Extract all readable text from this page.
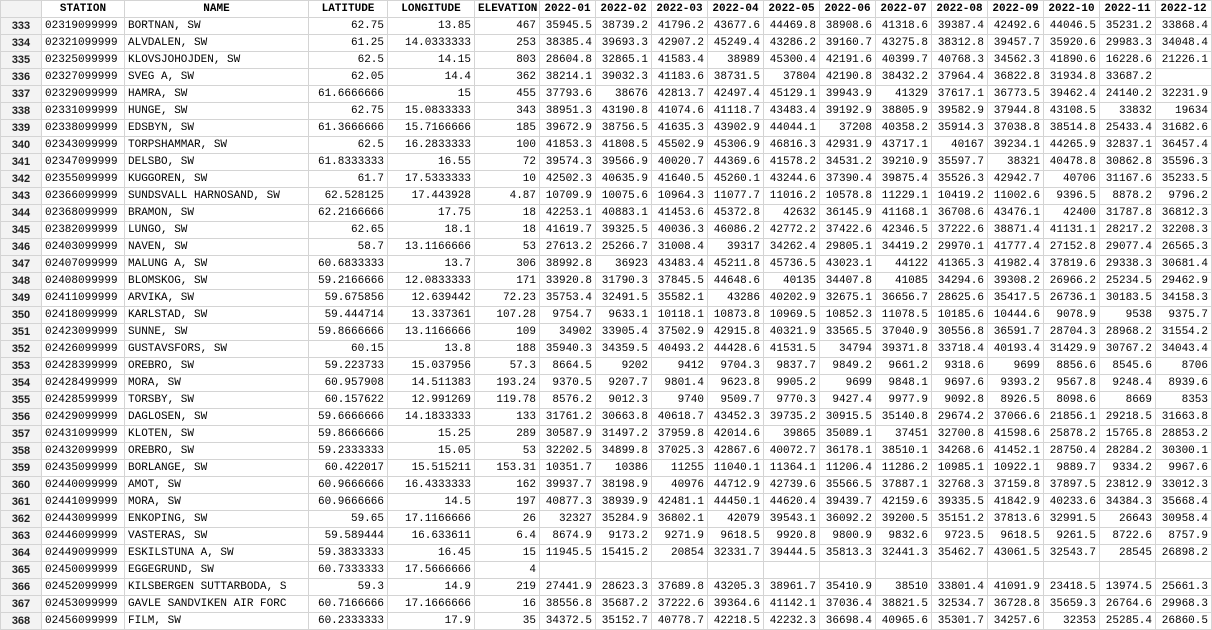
	STATION	NAME	LATITUDE	LONGITUDE	ELEVATION	2022-01	2022-02	2022-03	2022-04	2022-05	2022-06	2022-07	2022-08	2022-09	2022-10	2022-11	2022-12
333	02319099999	BORTNAN, SW	62.75	13.85	467	35945.5	38739.2	41796.2	43677.6	44469.8	38908.6	41318.6	39387.4	42492.6	44046.5	35231.2	33868.4
334	02321099999	ALVDALEN, SW	61.25	14.0333333	253	38385.4	39693.3	42907.2	45249.4	43286.2	39160.7	43275.8	38312.8	39457.7	35920.6	29983.3	34048.4
335	02325099999	KLOVSJOHOJDEN, SW	62.5	14.15	803	28604.8	32865.1	41583.4	38989	45300.4	42191.6	40399.7	40768.3	34562.3	41890.6	16228.6	21226.1
336	02327099999	SVEG A, SW	62.05	14.4	362	38214.1	39032.3	41183.6	38731.5	37804	42190.8	38432.2	37964.4	36822.8	31934.8	33687.2	
337	02329099999	HAMRA, SW	61.6666666	15	455	37793.6	38676	42813.7	42497.4	45129.1	39943.9	41329	37617.1	36773.5	39462.4	24140.2	32231.9
338	02331099999	HUNGE, SW	62.75	15.0833333	343	38951.3	43190.8	41074.6	41118.7	43483.4	39192.9	38805.9	39582.9	37944.8	43108.5	33832	19634
339	02338099999	EDSBYN, SW	61.3666666	15.7166666	185	39672.9	38756.5	41635.3	43902.9	44044.1	37208	40358.2	35914.3	37038.8	38514.8	25433.4	31682.6
340	02343099999	TORPSHAMMAR, SW	62.5	16.2833333	100	41853.3	41808.5	45502.9	45306.9	46816.3	42931.9	43717.1	40167	39234.1	44265.9	32837.1	36457.4
341	02347099999	DELSBO, SW	61.8333333	16.55	72	39574.3	39566.9	40020.7	44369.6	41578.2	34531.2	39210.9	35597.7	38321	40478.8	30862.8	35596.3
342	02355099999	KUGGOREN, SW	61.7	17.5333333	10	42502.3	40635.9	41640.5	45260.1	43244.6	37390.4	39875.4	35526.3	42942.7	40706	31167.6	35233.5
343	02366099999	SUNDSVALL HARNOSAND, SW	62.528125	17.443928	4.87	10709.9	10075.6	10964.3	11077.7	11016.2	10578.8	11229.1	10419.2	11002.6	9396.5	8878.2	9796.2
344	02368099999	BRAMON, SW	62.2166666	17.75	18	42253.1	40883.1	41453.6	45372.8	42632	36145.9	41168.1	36708.6	43476.1	42400	31787.8	36812.3
345	02382099999	LUNGO, SW	62.65	18.1	18	41619.7	39325.5	40036.3	46086.2	42772.2	37422.6	42346.5	37222.6	38871.4	41131.1	28217.2	32208.3
346	02403099999	NAVEN, SW	58.7	13.1166666	53	27613.2	25266.7	31008.4	39317	34262.4	29805.1	34419.2	29970.1	41777.4	27152.8	29077.4	26565.3
347	02407099999	MALUNG A, SW	60.6833333	13.7	306	38992.8	36923	43483.4	45211.8	45736.5	43023.1	44122	41365.3	41982.4	37819.6	29338.3	30681.4
348	02408099999	BLOMSKOG, SW	59.2166666	12.0833333	171	33920.8	31790.3	37845.5	44648.6	40135	34407.8	41085	34294.6	39308.2	26966.2	25234.5	29462.9
349	02411099999	ARVIKA, SW	59.675856	12.639442	72.23	35753.4	32491.5	35582.1	43286	40202.9	32675.1	36656.7	28625.6	35417.5	26736.1	30183.5	34158.3
350	02418099999	KARLSTAD, SW	59.444714	13.337361	107.28	9754.7	9633.1	10118.1	10873.8	10969.5	10852.3	11078.5	10185.6	10444.6	9078.9	9538	9375.7
351	02423099999	SUNNE, SW	59.8666666	13.1166666	109	34902	33905.4	37502.9	42915.8	40321.9	33565.5	37040.9	30556.8	36591.7	28704.3	28968.2	31554.2
352	02426099999	GUSTAVSFORS, SW	60.15	13.8	188	35940.3	34359.5	40493.2	44428.6	41531.5	34794	39371.8	33718.4	40193.4	31429.9	30767.2	34043.4
353	02428399999	OREBRO, SW	59.223733	15.037956	57.3	8664.5	9202	9412	9704.3	9837.7	9849.2	9661.2	9318.6	9699	8856.6	8545.6	8706
354	02428499999	MORA, SW	60.957908	14.511383	193.24	9370.5	9207.7	9801.4	9623.8	9905.2	9699	9848.1	9697.6	9393.2	9567.8	9248.4	8939.6
355	02428599999	TORSBY, SW	60.157622	12.991269	119.78	8576.2	9012.3	9740	9509.7	9770.3	9427.4	9977.9	9092.8	8926.5	8098.6	8669	8353
356	02429099999	DAGLOSEN, SW	59.6666666	14.1833333	133	31761.2	30663.8	40618.7	43452.3	39735.2	30915.5	35140.8	29674.2	37066.6	21856.1	29218.5	31663.8
357	02431099999	KLOTEN, SW	59.8666666	15.25	289	30587.9	31497.2	37959.8	42014.6	39865	35089.1	37451	32700.8	41598.6	25878.2	15765.8	28853.2
358	02432099999	OREBRO, SW	59.2333333	15.05	53	32202.5	34899.8	37025.3	42867.6	40072.7	36178.1	38510.1	34268.6	41452.1	28750.4	28284.2	30300.1
359	02435099999	BORLANGE, SW	60.422017	15.515211	153.31	10351.7	10386	11255	11040.1	11364.1	11206.4	11286.2	10985.1	10922.1	9889.7	9334.2	9967.6
360	02440099999	AMOT, SW	60.9666666	16.4333333	162	39937.7	38198.9	40976	44712.9	42739.6	35566.5	37887.1	32768.3	37159.8	37897.5	23812.9	33012.3
361	02441099999	MORA, SW	60.9666666	14.5	197	40877.3	38939.9	42481.1	44450.1	44620.4	39439.7	42159.6	39335.5	41842.9	40233.6	34384.3	35668.4
362	02443099999	ENKOPING, SW	59.65	17.1166666	26	32327	35284.9	36802.1	42079	39543.1	36092.2	39200.5	35151.2	37813.6	32991.5	26643	30958.4
363	02446099999	VASTERAS, SW	59.589444	16.633611	6.4	8674.9	9173.2	9271.9	9618.5	9920.8	9800.9	9832.6	9723.5	9618.5	9261.5	8722.6	8757.9
364	02449099999	ESKILSTUNA A, SW	59.3833333	16.45	15	11945.5	15415.2	20854	32331.7	39444.5	35813.3	32441.3	35462.7	43061.5	32543.7	28545	26898.2
365	02450099999	EGGEGRUND, SW	60.7333333	17.5666666	4												
366	02452099999	KILSBERGEN SUTTARBODA, S	59.3	14.9	219	27441.9	28623.3	37689.8	43205.3	38961.7	35410.9	38510	33801.4	41091.9	23418.5	13974.5	25661.3
367	02453099999	GAVLE SANDVIKEN AIR FORC	60.7166666	17.1666666	16	38556.8	35687.2	37222.6	39364.6	41142.1	37036.4	38821.5	32534.7	36728.8	35659.3	26764.6	29968.3
368	02456099999	FILM, SW	60.2333333	17.9	35	34372.5	35152.7	40778.7	42218.5	42232.3	36698.4	40965.6	35301.7	34257.6	32353	25285.4	26860.5
